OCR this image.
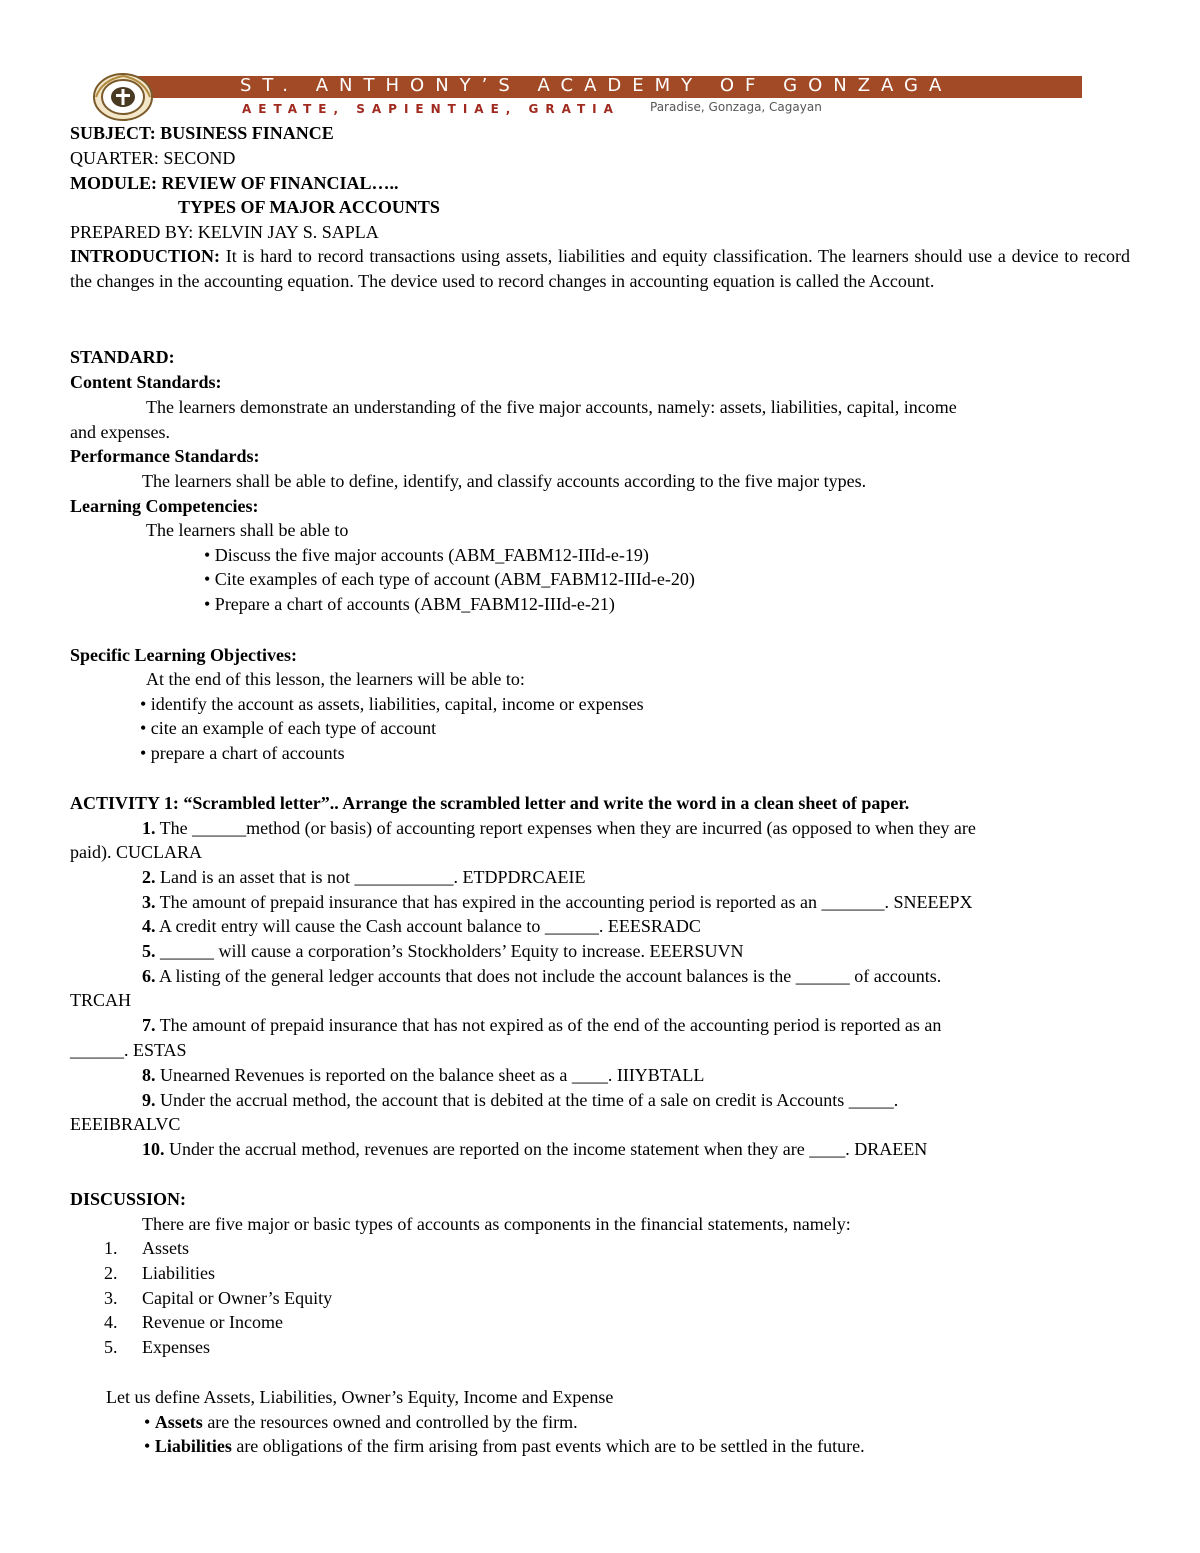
ST. ANTHONY’S ACADEMY OF GONZAGA
AETATE, SAPIENTIAE, GRATIA	Paradise, Gonzaga, Cagayan
SUBJECT: BUSINESS FINANCE
QUARTER: SECOND
MODULE: REVIEW OF FINANCIAL…..
TYPES OF MAJOR ACCOUNTS
PREPARED BY: KELVIN JAY S. SAPLA
INTRODUCTION: It is hard to record transactions using assets, liabilities and equity classification. The learners should use a device to record the changes in the accounting equation. The device used to record changes in accounting equation is called the Account.
STANDARD:
Content Standards:
The learners demonstrate an understanding of the five major accounts, namely: assets, liabilities, capital, income
and expenses.
Performance Standards:
The learners shall be able to define, identify, and classify accounts according to the five major types.
Learning Competencies:
The learners shall be able to
• Discuss the five major accounts (ABM_FABM12-IIId-e-19)
• Cite examples of each type of account (ABM_FABM12-IIId-e-20)
• Prepare a chart of accounts (ABM_FABM12-IIId-e-21)
Specific Learning Objectives:
At the end of this lesson, the learners will be able to:
• identify the account as assets, liabilities, capital, income or expenses
• cite an example of each type of account
• prepare a chart of accounts
ACTIVITY 1: “Scrambled letter”.. Arrange the scrambled letter and write the word in a clean sheet of paper.
1. The ______method (or basis) of accounting report expenses when they are incurred (as opposed to when they are
paid). CUCLARA
2. Land is an asset that is not ___________. ETDPDRCAEIE
3. The amount of prepaid insurance that has expired in the accounting period is reported as an _______. SNEEEPX
4. A credit entry will cause the Cash account balance to ______. EEESRADC
5. ______ will cause a corporation’s Stockholders’ Equity to increase. EEERSUVN
6. A listing of the general ledger accounts that does not include the account balances is the ______ of accounts.
TRCAH
7. The amount of prepaid insurance that has not expired as of the end of the accounting period is reported as an
______. ESTAS
8. Unearned Revenues is reported on the balance sheet as a ____. IIIYBTALL
9. Under the accrual method, the account that is debited at the time of a sale on credit is Accounts _____.
EEEIBRALVC
10. Under the accrual method, revenues are reported on the income statement when they are ____. DRAEEN
DISCUSSION:
There are five major or basic types of accounts as components in the financial statements, namely:
1. Assets
2. Liabilities
3. Capital or Owner’s Equity
4. Revenue or Income
5. Expenses
Let us define Assets, Liabilities, Owner’s Equity, Income and Expense
• Assets are the resources owned and controlled by the firm.
• Liabilities are obligations of the firm arising from past events which are to be settled in the future.
